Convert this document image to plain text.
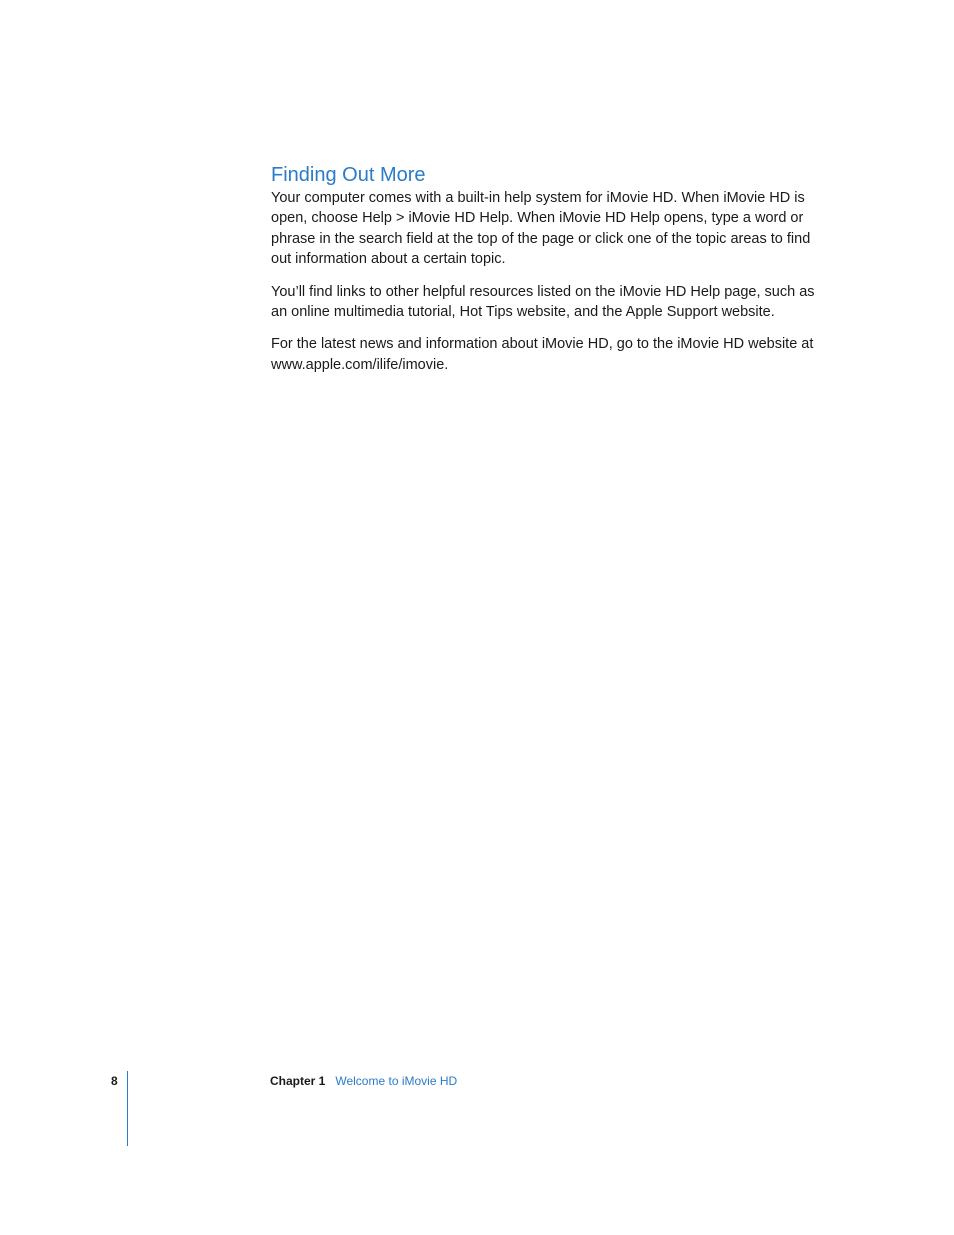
Finding Out More

Your computer comes with a built-in help system for iMovie HD. When iMovie HD is open, choose Help > iMovie HD Help. When iMovie HD Help opens, type a word or phrase in the search field at the top of the page or click one of the topic areas to find out information about a certain topic.

You’ll find links to other helpful resources listed on the iMovie HD Help page, such as an online multimedia tutorial, Hot Tips website, and the Apple Support website.

For the latest news and information about iMovie HD, go to the iMovie HD website at www.apple.com/ilife/imovie.

8	Chapter 1 Welcome to iMovie HD
